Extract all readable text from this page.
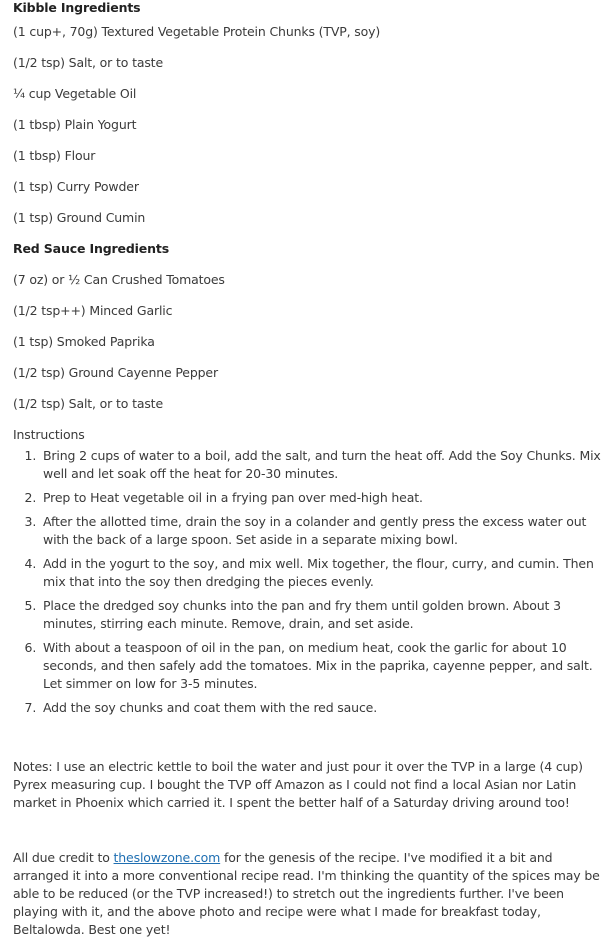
Kibble Ingredients
(1 cup+, 70g) Textured Vegetable Protein Chunks (TVP, soy)
(1/2 tsp) Salt, or to taste
¼ cup Vegetable Oil
(1 tbsp) Plain Yogurt
(1 tbsp) Flour
(1 tsp) Curry Powder
(1 tsp) Ground Cumin
Red Sauce Ingredients
(7 oz) or ½ Can Crushed Tomatoes
(1/2 tsp++) Minced Garlic
(1 tsp) Smoked Paprika
(1/2 tsp) Ground Cayenne Pepper
(1/2 tsp) Salt, or to taste
Instructions
1. Bring 2 cups of water to a boil, add the salt, and turn the heat off. Add the Soy Chunks. Mix well and let soak off the heat for 20-30 minutes.
2. Prep to Heat vegetable oil in a frying pan over med-high heat.
3. After the allotted time, drain the soy in a colander and gently press the excess water out with the back of a large spoon. Set aside in a separate mixing bowl.
4. Add in the yogurt to the soy, and mix well. Mix together, the flour, curry, and cumin. Then mix that into the soy then dredging the pieces evenly.
5. Place the dredged soy chunks into the pan and fry them until golden brown. About 3 minutes, stirring each minute. Remove, drain, and set aside.
6. With about a teaspoon of oil in the pan, on medium heat, cook the garlic for about 10 seconds, and then safely add the tomatoes. Mix in the paprika, cayenne pepper, and salt. Let simmer on low for 3-5 minutes.
7. Add the soy chunks and coat them with the red sauce.

Notes: I use an electric kettle to boil the water and just pour it over the TVP in a large (4 cup) Pyrex measuring cup. I bought the TVP off Amazon as I could not find a local Asian nor Latin market in Phoenix which carried it. I spent the better half of a Saturday driving around too!

All due credit to theslowzone.com for the genesis of the recipe. I've modified it a bit and arranged it into a more conventional recipe read. I'm thinking the quantity of the spices may be able to be reduced (or the TVP increased!) to stretch out the ingredients further. I've been playing with it, and the above photo and recipe were what I made for breakfast today, Beltalowda. Best one yet!
